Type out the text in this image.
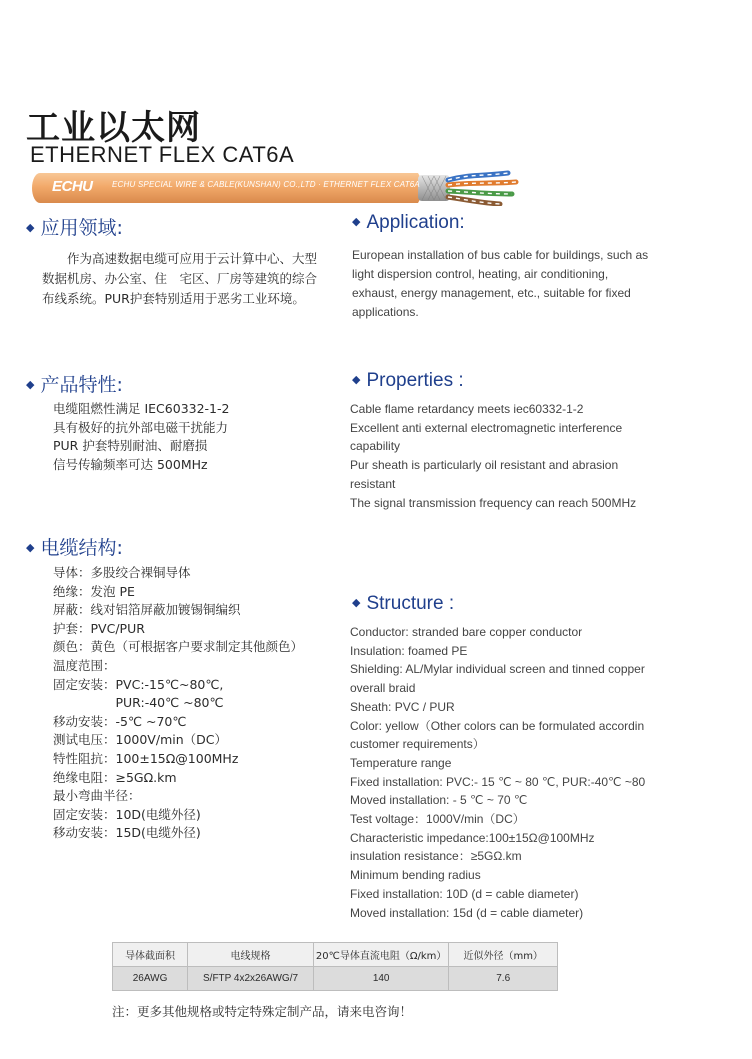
工业以太网
ETHERNET FLEX CAT6A
ECHU ECHU SPECIAL WIRE & CABLE(KUNSHAN) CO.,LTD · ETHERNET FLEX CAT6A
◆ 应用领域:	◆ Application:

作为高速数据电缆可应用于云计算中心、大型数据机房、办公室、住　宅区、厂房等建筑的综合布线系统。PUR护套特别适用于恶劣工业环境。

European installation of bus cable for buildings, such as light dispersion control, heating, air conditioning, exhaust, energy management, etc., suitable for fixed applications.

◆ 产品特性:	◆ Properties :
电缆阻燃性满足 IEC60332-1-2
具有极好的抗外部电磁干扰能力
PUR 护套特别耐油、耐磨损
信号传输频率可达 500MHz
Cable flame retardancy meets iec60332-1-2
Excellent anti external electromagnetic interference
capability
Pur sheath is particularly oil resistant and abrasion
resistant
The signal transmission frequency can reach 500MHz
◆ 电缆结构:
◆ Structure :
导体：多股绞合裸铜导体
绝缘：发泡 PE
屏蔽：线对铝箔屏蔽加镀锡铜编织
护套：PVC/PUR
颜色：黄色（可根据客户要求制定其他颜色）
温度范围：
固定安装：PVC:-15℃~80℃,
　　　　　PUR:-40℃ ~80℃
移动安装：-5℃ ~70℃
测试电压：1000V/min（DC）
特性阻抗：100±15Ω@100MHz
绝缘电阻：≥5GΩ.km
最小弯曲半径：
固定安装：10D(电缆外径)
移动安装：15D(电缆外径)
Conductor: stranded bare copper conductor
Insulation: foamed PE
Shielding: AL/Mylar individual screen and tinned copper
overall braid
Sheath: PVC / PUR
Color: yellow（Other colors can be formulated accordin
customer requirements）
Temperature range
Fixed installation: PVC:- 15 ℃ ~ 80 ℃, PUR:-40℃ ~80
Moved installation: - 5 ℃ ~ 70 ℃
Test voltage：1000V/min（DC）
Characteristic impedance:100±15Ω@100MHz
insulation resistance：≥5GΩ.km
Minimum bending radius
Fixed installation: 10D (d = cable diameter)
Moved installation: 15d (d = cable diameter)
导体截面积	电线规格	20℃导体直流电阻（Ω/km）	近似外径（mm）
26AWG	S/FTP 4x2x26AWG/7	140	7.6
注：更多其他规格或特定特殊定制产品，请来电咨询！
